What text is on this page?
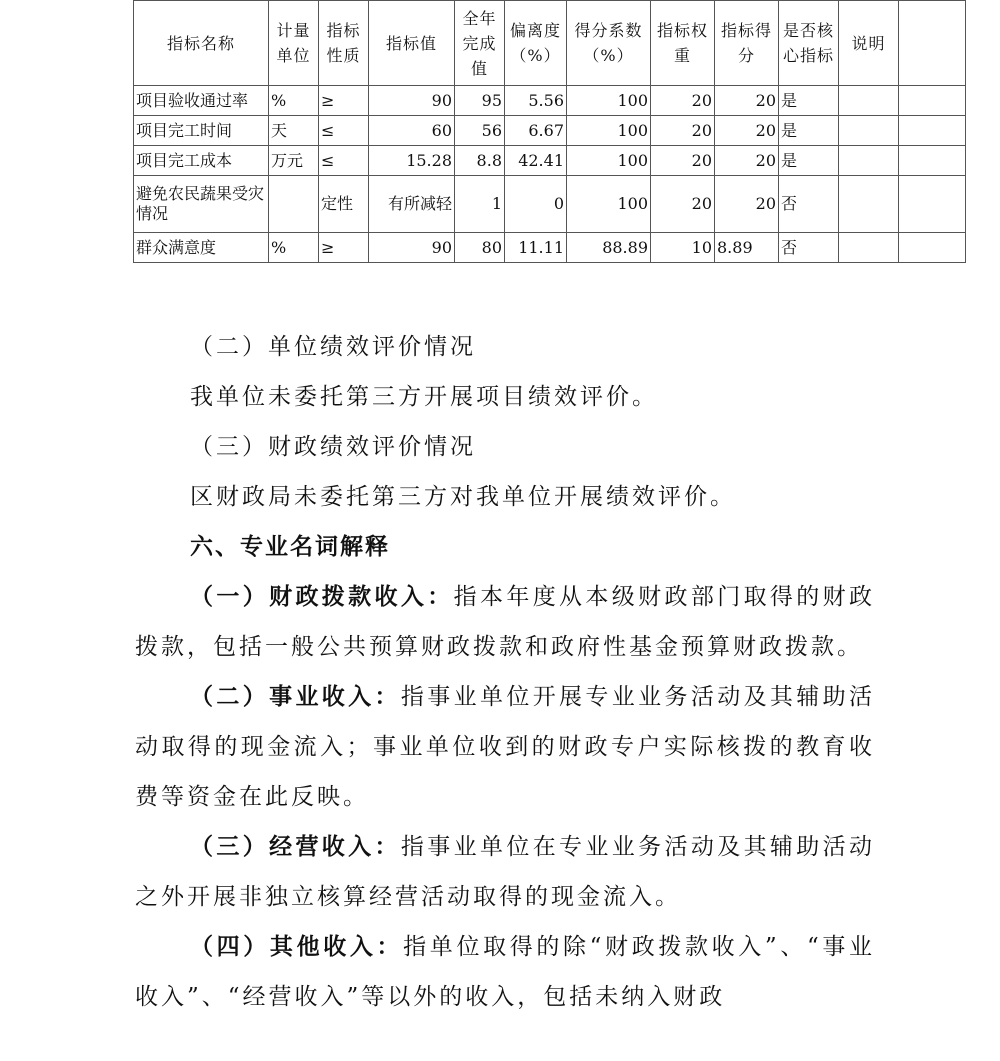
指标名称	计量单位	指标性质	指标值	全年完成值	偏离度（%）	得分系数（%）	指标权重	指标得分	是否核心指标	说明	
项目验收通过率	%	≥	90	95	5.56	100	20	20	是		
项目完工时间	天	≤	60	56	6.67	100	20	20	是		
项目完工成本	万元	≤	15.28	8.8	42.41	100	20	20	是		
避免农民蔬果受灾情况		定性	有所减轻	1	0	100	20	20	否		
群众满意度	%	≥	90	80	11.11	88.89	10	8.89	否		

（二）单位绩效评价情况

我单位未委托第三方开展项目绩效评价。

（三）财政绩效评价情况

区财政局未委托第三方对我单位开展绩效评价。

六、专业名词解释

（一）财政拨款收入：指本年度从本级财政部门取得的财政拨款，包括一般公共预算财政拨款和政府性基金预算财政拨款。

（二）事业收入：指事业单位开展专业业务活动及其辅助活动取得的现金流入；事业单位收到的财政专户实际核拨的教育收费等资金在此反映。

（三）经营收入：指事业单位在专业业务活动及其辅助活动之外开展非独立核算经营活动取得的现金流入。

（四）其他收入：指单位取得的除“财政拨款收入”、“事业收入”、“经营收入”等以外的收入，包括未纳入财政
